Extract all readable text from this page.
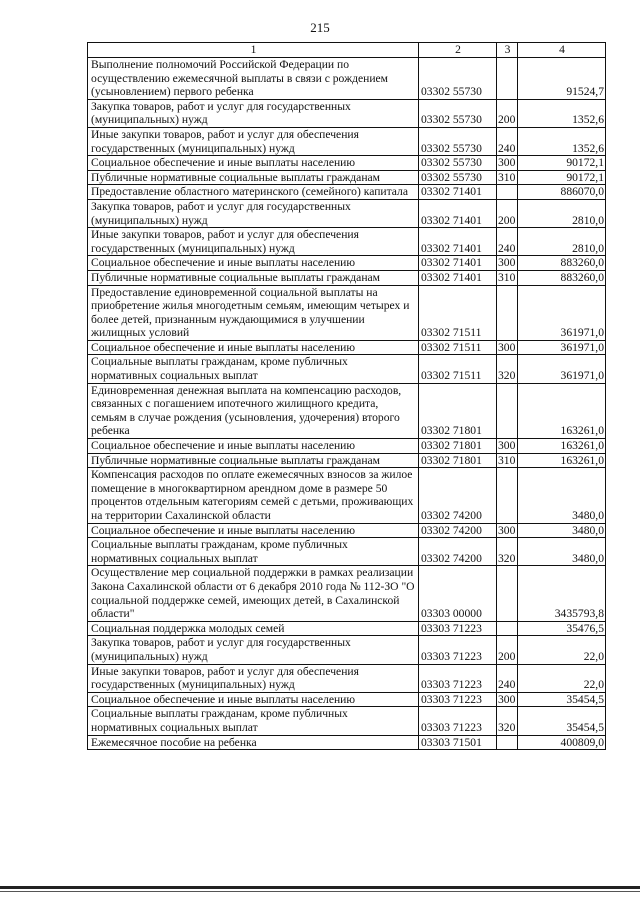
215
1	2	3	4
Выполнение полномочий Российской Федерации по осуществлению ежемесячной выплаты в связи с рождением (усыновлением) первого ребенка	03302 55730		91524,7
Закупка товаров, работ и услуг для государственных (муниципальных) нужд	03302 55730	200	1352,6
Иные закупки товаров, работ и услуг для обеспечения государственных (муниципальных) нужд	03302 55730	240	1352,6
Социальное обеспечение и иные выплаты населению	03302 55730	300	90172,1
Публичные нормативные социальные выплаты гражданам	03302 55730	310	90172,1
Предоставление областного материнского (семейного) капитала	03302 71401		886070,0
Закупка товаров, работ и услуг для государственных (муниципальных) нужд	03302 71401	200	2810,0
Иные закупки товаров, работ и услуг для обеспечения государственных (муниципальных) нужд	03302 71401	240	2810,0
Социальное обеспечение и иные выплаты населению	03302 71401	300	883260,0
Публичные нормативные социальные выплаты гражданам	03302 71401	310	883260,0
Предоставление единовременной социальной выплаты на приобретение жилья многодетным семьям, имеющим четырех и более детей, признанным нуждающимися в улучшении жилищных условий	03302 71511		361971,0
Социальное обеспечение и иные выплаты населению	03302 71511	300	361971,0
Социальные выплаты гражданам, кроме публичных нормативных социальных выплат	03302 71511	320	361971,0
Единовременная денежная выплата на компенсацию расходов, связанных с погашением ипотечного жилищного кредита, семьям в случае рождения (усыновления, удочерения) второго ребенка	03302 71801		163261,0
Социальное обеспечение и иные выплаты населению	03302 71801	300	163261,0
Публичные нормативные социальные выплаты гражданам	03302 71801	310	163261,0
Компенсация расходов по оплате ежемесячных взносов за жилое помещение в многоквартирном арендном доме в размере 50 процентов отдельным категориям семей с детьми, проживающих на территории Сахалинской области	03302 74200		3480,0
Социальное обеспечение и иные выплаты населению	03302 74200	300	3480,0
Социальные выплаты гражданам, кроме публичных нормативных социальных выплат	03302 74200	320	3480,0
Осуществление мер социальной поддержки в рамках реализации Закона Сахалинской области от 6 декабря 2010 года № 112-ЗО "О социальной поддержке семей, имеющих детей, в Сахалинской области"	03303 00000		3435793,8
Социальная поддержка молодых семей	03303 71223		35476,5
Закупка товаров, работ и услуг для государственных (муниципальных) нужд	03303 71223	200	22,0
Иные закупки товаров, работ и услуг для обеспечения государственных (муниципальных) нужд	03303 71223	240	22,0
Социальное обеспечение и иные выплаты населению	03303 71223	300	35454,5
Социальные выплаты гражданам, кроме публичных нормативных социальных выплат	03303 71223	320	35454,5
Ежемесячное пособие на ребенка	03303 71501		400809,0
